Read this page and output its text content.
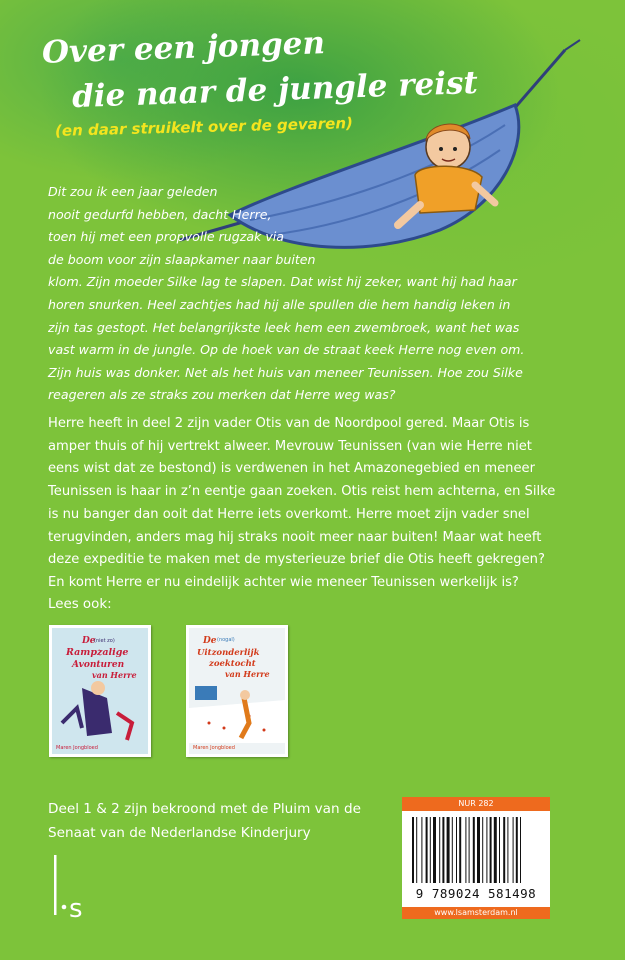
Over een jongen
die naar de jungle reist
(en daar struikelt over de gevaren)
Dit zou ik een jaar geleden
nooit gedurfd hebben, dacht Herre,
toen hij met een propvolle rugzak via
de boom voor zijn slaapkamer naar buiten
klom. Zijn moeder Silke lag te slapen. Dat wist hij zeker, want hij had haar
horen snurken. Heel zachtjes had hij alle spullen die hem handig leken in
zijn tas gestopt. Het belangrijkste leek hem een zwembroek, want het was
vast warm in de jungle. Op de hoek van de straat keek Herre nog even om.
Zijn huis was donker. Net als het huis van meneer Teunissen. Hoe zou Silke
reageren als ze straks zou merken dat Herre weg was?
Herre heeft in deel 2 zijn vader Otis van de Noordpool gered. Maar Otis is
amper thuis of hij vertrekt alweer. Mevrouw Teunissen (van wie Herre niet
eens wist dat ze bestond) is verdwenen in het Amazonegebied en meneer
Teunissen is haar in z’n eentje gaan zoeken. Otis reist hem achterna, en Silke
is nu banger dan ooit dat Herre iets overkomt. Herre moet zijn vader snel
terugvinden, anders mag hij straks nooit meer naar buiten! Maar wat heeft
deze expeditie te maken met de mysterieuze brief die Otis heeft gekregen?
En komt Herre er nu eindelijk achter wie meneer Teunissen werkelijk is?
Lees ook:
De
(niet zo)
Rampzalige
Avonturen
van Herre
Maren Jongbloed
De (nogal)
Uitzonderlijk
zoektocht
van Herre
Maren Jongbloed
Deel 1 & 2 zijn bekroond met de Pluim van de
Senaat van de Nederlandse Kinderjury
s
NUR 282
9 789024 581498
www.lsamsterdam.nl
